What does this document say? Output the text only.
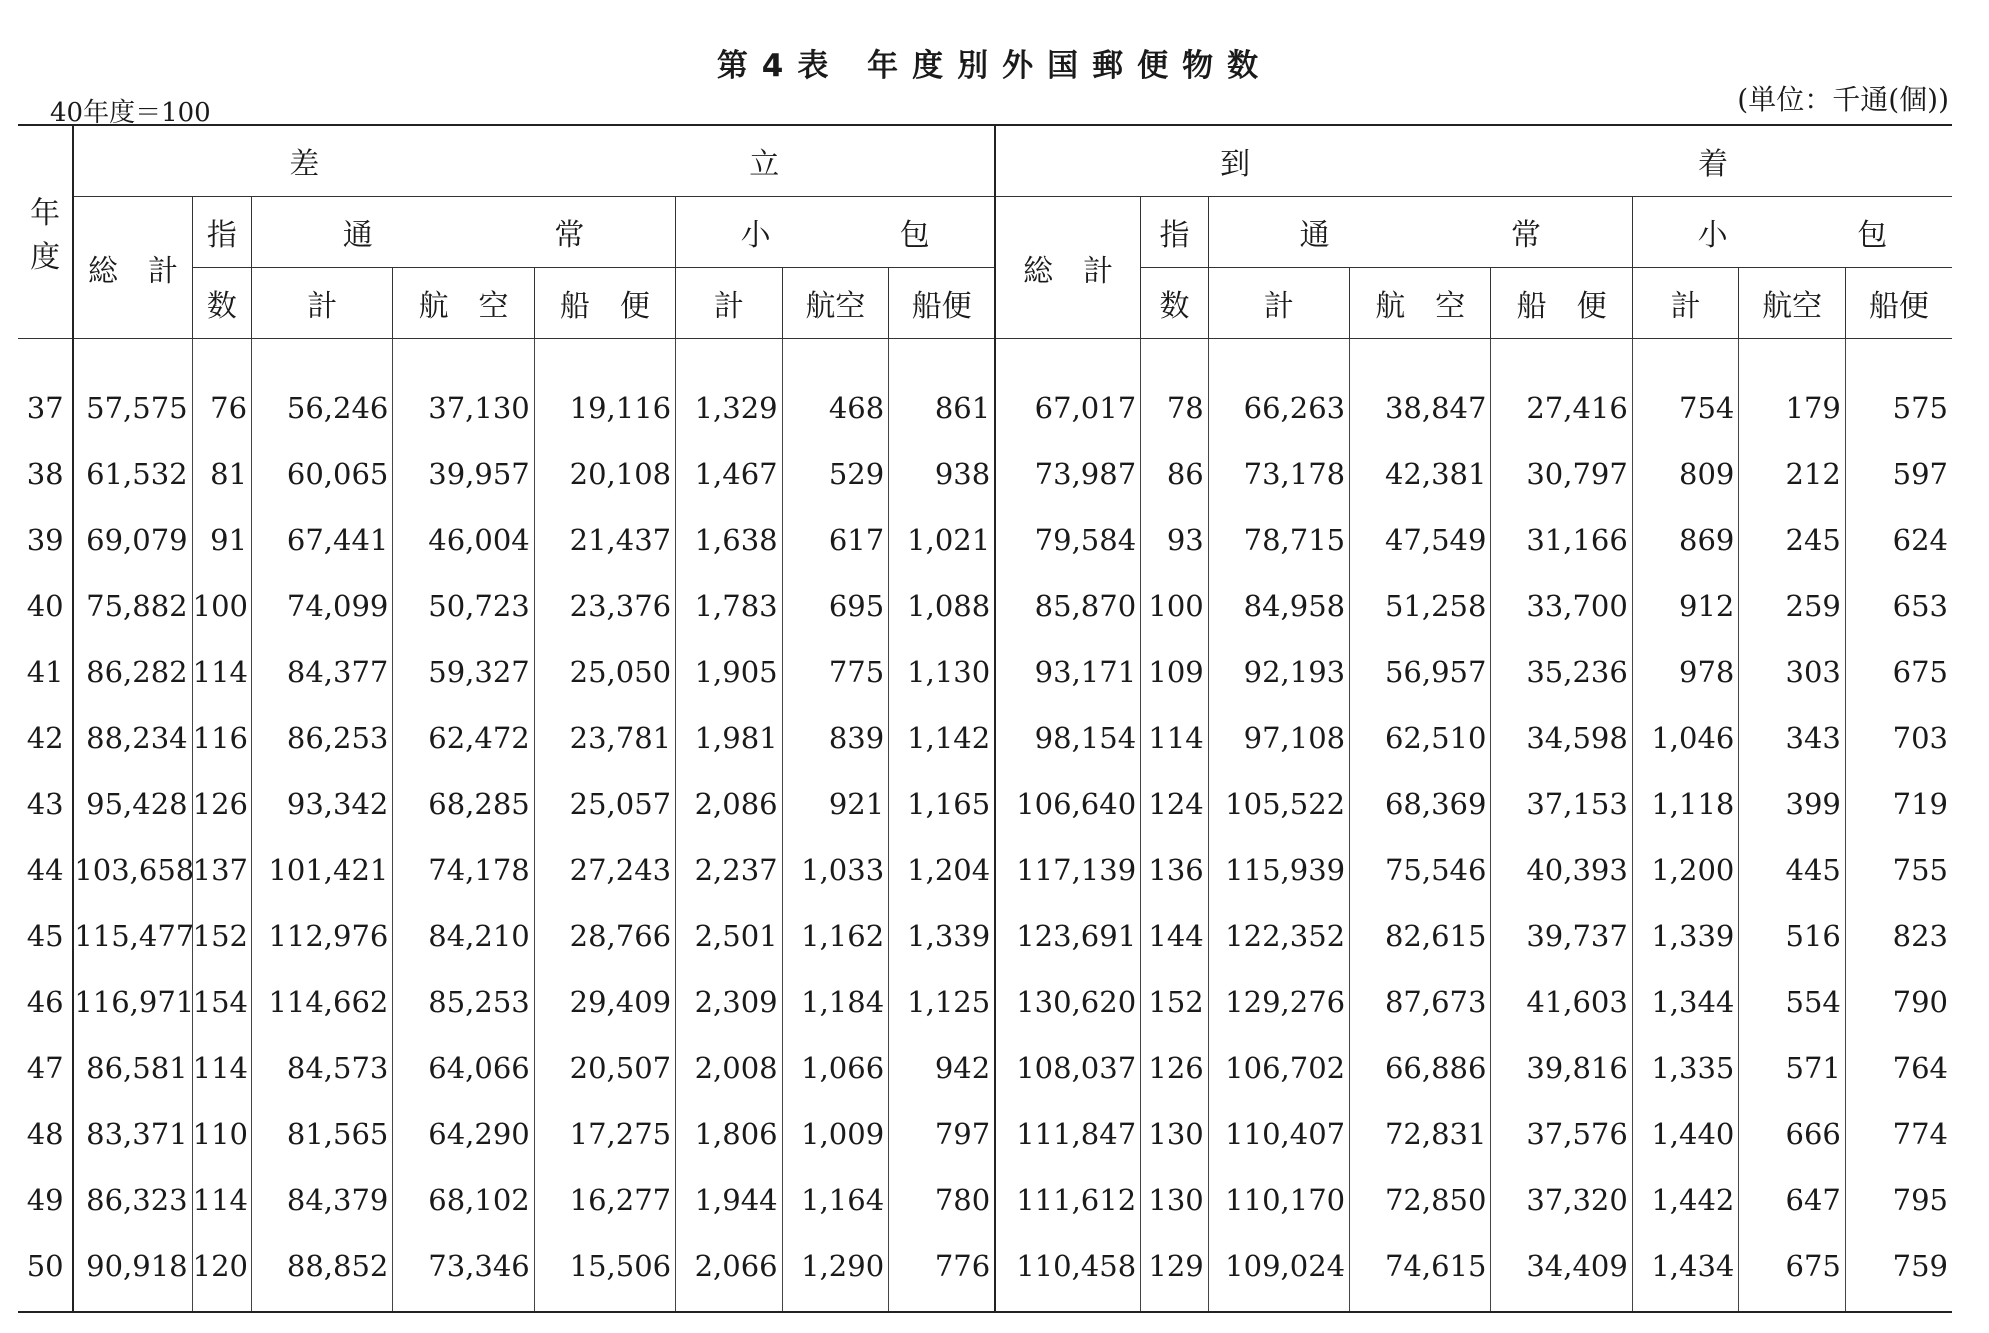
第4表 年度別外国郵便物数
40年度＝100	(単位：千通(個))
年度	差 立								到 着							

	総　計	指	通 常			小 包			総　計	指	通 常			小 包		

		数	計	航　空	船　便	計	航空	船便		数	計	航　空	船　便	計	航空	船便
37	57,575	76	56,246	37,130	19,116	1,329	468	861	67,017	78	66,263	38,847	27,416	754	179	575
38	61,532	81	60,065	39,957	20,108	1,467	529	938	73,987	86	73,178	42,381	30,797	809	212	597
39	69,079	91	67,441	46,004	21,437	1,638	617	1,021	79,584	93	78,715	47,549	31,166	869	245	624
40	75,882	100	74,099	50,723	23,376	1,783	695	1,088	85,870	100	84,958	51,258	33,700	912	259	653
41	86,282	114	84,377	59,327	25,050	1,905	775	1,130	93,171	109	92,193	56,957	35,236	978	303	675
42	88,234	116	86,253	62,472	23,781	1,981	839	1,142	98,154	114	97,108	62,510	34,598	1,046	343	703
43	95,428	126	93,342	68,285	25,057	2,086	921	1,165	106,640	124	105,522	68,369	37,153	1,118	399	719
44	103,658	137	101,421	74,178	27,243	2,237	1,033	1,204	117,139	136	115,939	75,546	40,393	1,200	445	755
45	115,477	152	112,976	84,210	28,766	2,501	1,162	1,339	123,691	144	122,352	82,615	39,737	1,339	516	823
46	116,971	154	114,662	85,253	29,409	2,309	1,184	1,125	130,620	152	129,276	87,673	41,603	1,344	554	790
47	86,581	114	84,573	64,066	20,507	2,008	1,066	942	108,037	126	106,702	66,886	39,816	1,335	571	764
48	83,371	110	81,565	64,290	17,275	1,806	1,009	797	111,847	130	110,407	72,831	37,576	1,440	666	774
49	86,323	114	84,379	68,102	16,277	1,944	1,164	780	111,612	130	110,170	72,850	37,320	1,442	647	795
50	90,918	120	88,852	73,346	15,506	2,066	1,290	776	110,458	129	109,024	74,615	34,409	1,434	675	759
